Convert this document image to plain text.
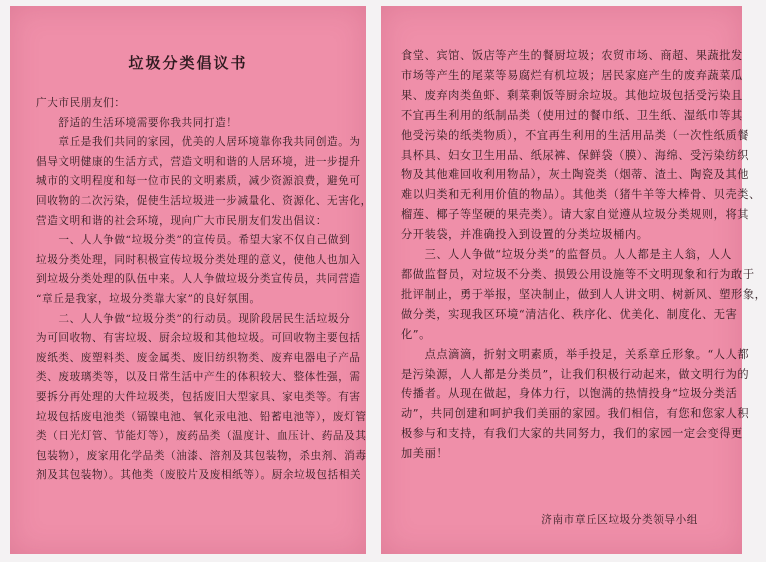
垃圾分类倡议书
广大市民朋友们：
　　舒适的生活环境需要你我共同打造！
　　章丘是我们共同的家园，优美的人居环境靠你我共同创造。为
倡导文明健康的生活方式，营造文明和谐的人居环境，进一步提升
城市的文明程度和每一位市民的文明素质，减少资源浪费，避免可
回收物的二次污染，促使生活垃圾进一步减量化、资源化、无害化，
营造文明和谐的社会环境，现向广大市民朋友们发出倡议：
　　一、人人争做“垃圾分类”的宣传员。希望大家不仅自己做到
垃圾分类处理，同时积极宣传垃圾分类处理的意义，使他人也加入
到垃圾分类处理的队伍中来。人人争做垃圾分类宣传员，共同营造
“章丘是我家，垃圾分类靠大家”的良好氛围。
　　二、人人争做“垃圾分类”的行动员。现阶段居民生活垃圾分
为可回收物、有害垃圾、厨余垃圾和其他垃圾。可回收物主要包括
废纸类、废塑料类、废金属类、废旧纺织物类、废弃电器电子产品
类、废玻璃类等，以及日常生活中产生的体积较大、整体性强，需
要拆分再处理的大件垃圾类，包括废旧大型家具、家电类等。有害
垃圾包括废电池类（镉镍电池、氧化汞电池、铅蓄电池等），废灯管
类（日光灯管、节能灯等），废药品类（温度计、血压计、药品及其
包装物），废家用化学品类（油漆、溶剂及其包装物，杀虫剂、消毒
剂及其包装物）。其他类（废胶片及废相纸等）。厨余垃圾包括相关
食堂、宾馆、饭店等产生的餐厨垃圾；农贸市场、商超、果蔬批发
市场等产生的尾菜等易腐烂有机垃圾；居民家庭产生的废弃蔬菜瓜
果、废弃肉类鱼虾、剩菜剩饭等厨余垃圾。其他垃圾包括受污染且
不宜再生利用的纸制品类（使用过的餐巾纸、卫生纸、湿纸巾等其
他受污染的纸类物质），不宜再生利用的生活用品类（一次性纸质餐
具杯具、妇女卫生用品、纸尿裤、保鲜袋（膜）、海绵、受污染纺织
物及其他难回收利用物品），灰土陶瓷类（烟蒂、渣土、陶瓷及其他
难以归类和无利用价值的物品）。其他类（猪牛羊等大棒骨、贝壳类、
榴莲、椰子等坚硬的果壳类）。请大家自觉遵从垃圾分类规则，将其
分开装袋，并准确投入到设置的分类垃圾桶内。
　　三、人人争做“垃圾分类”的监督员。人人都是主人翁，人人
都做监督员，对垃圾不分类、损毁公用设施等不文明现象和行为敢于
批评制止，勇于举报，坚决制止，做到人人讲文明、树新风、塑形象，
做分类，实现我区环境“清洁化、秩序化、优美化、制度化、无害
化”。
　　点点滴滴，折射文明素质，举手投足，关系章丘形象。“人人都
是污染源，人人都是分类员”，让我们积极行动起来，做文明行为的
传播者。从现在做起，身体力行，以饱满的热情投身“垃圾分类活
动”，共同创建和呵护我们美丽的家园。我们相信，有您和您家人积
极参与和支持，有我们大家的共同努力，我们的家园一定会变得更
加美丽！
济南市章丘区垃圾分类领导小组
